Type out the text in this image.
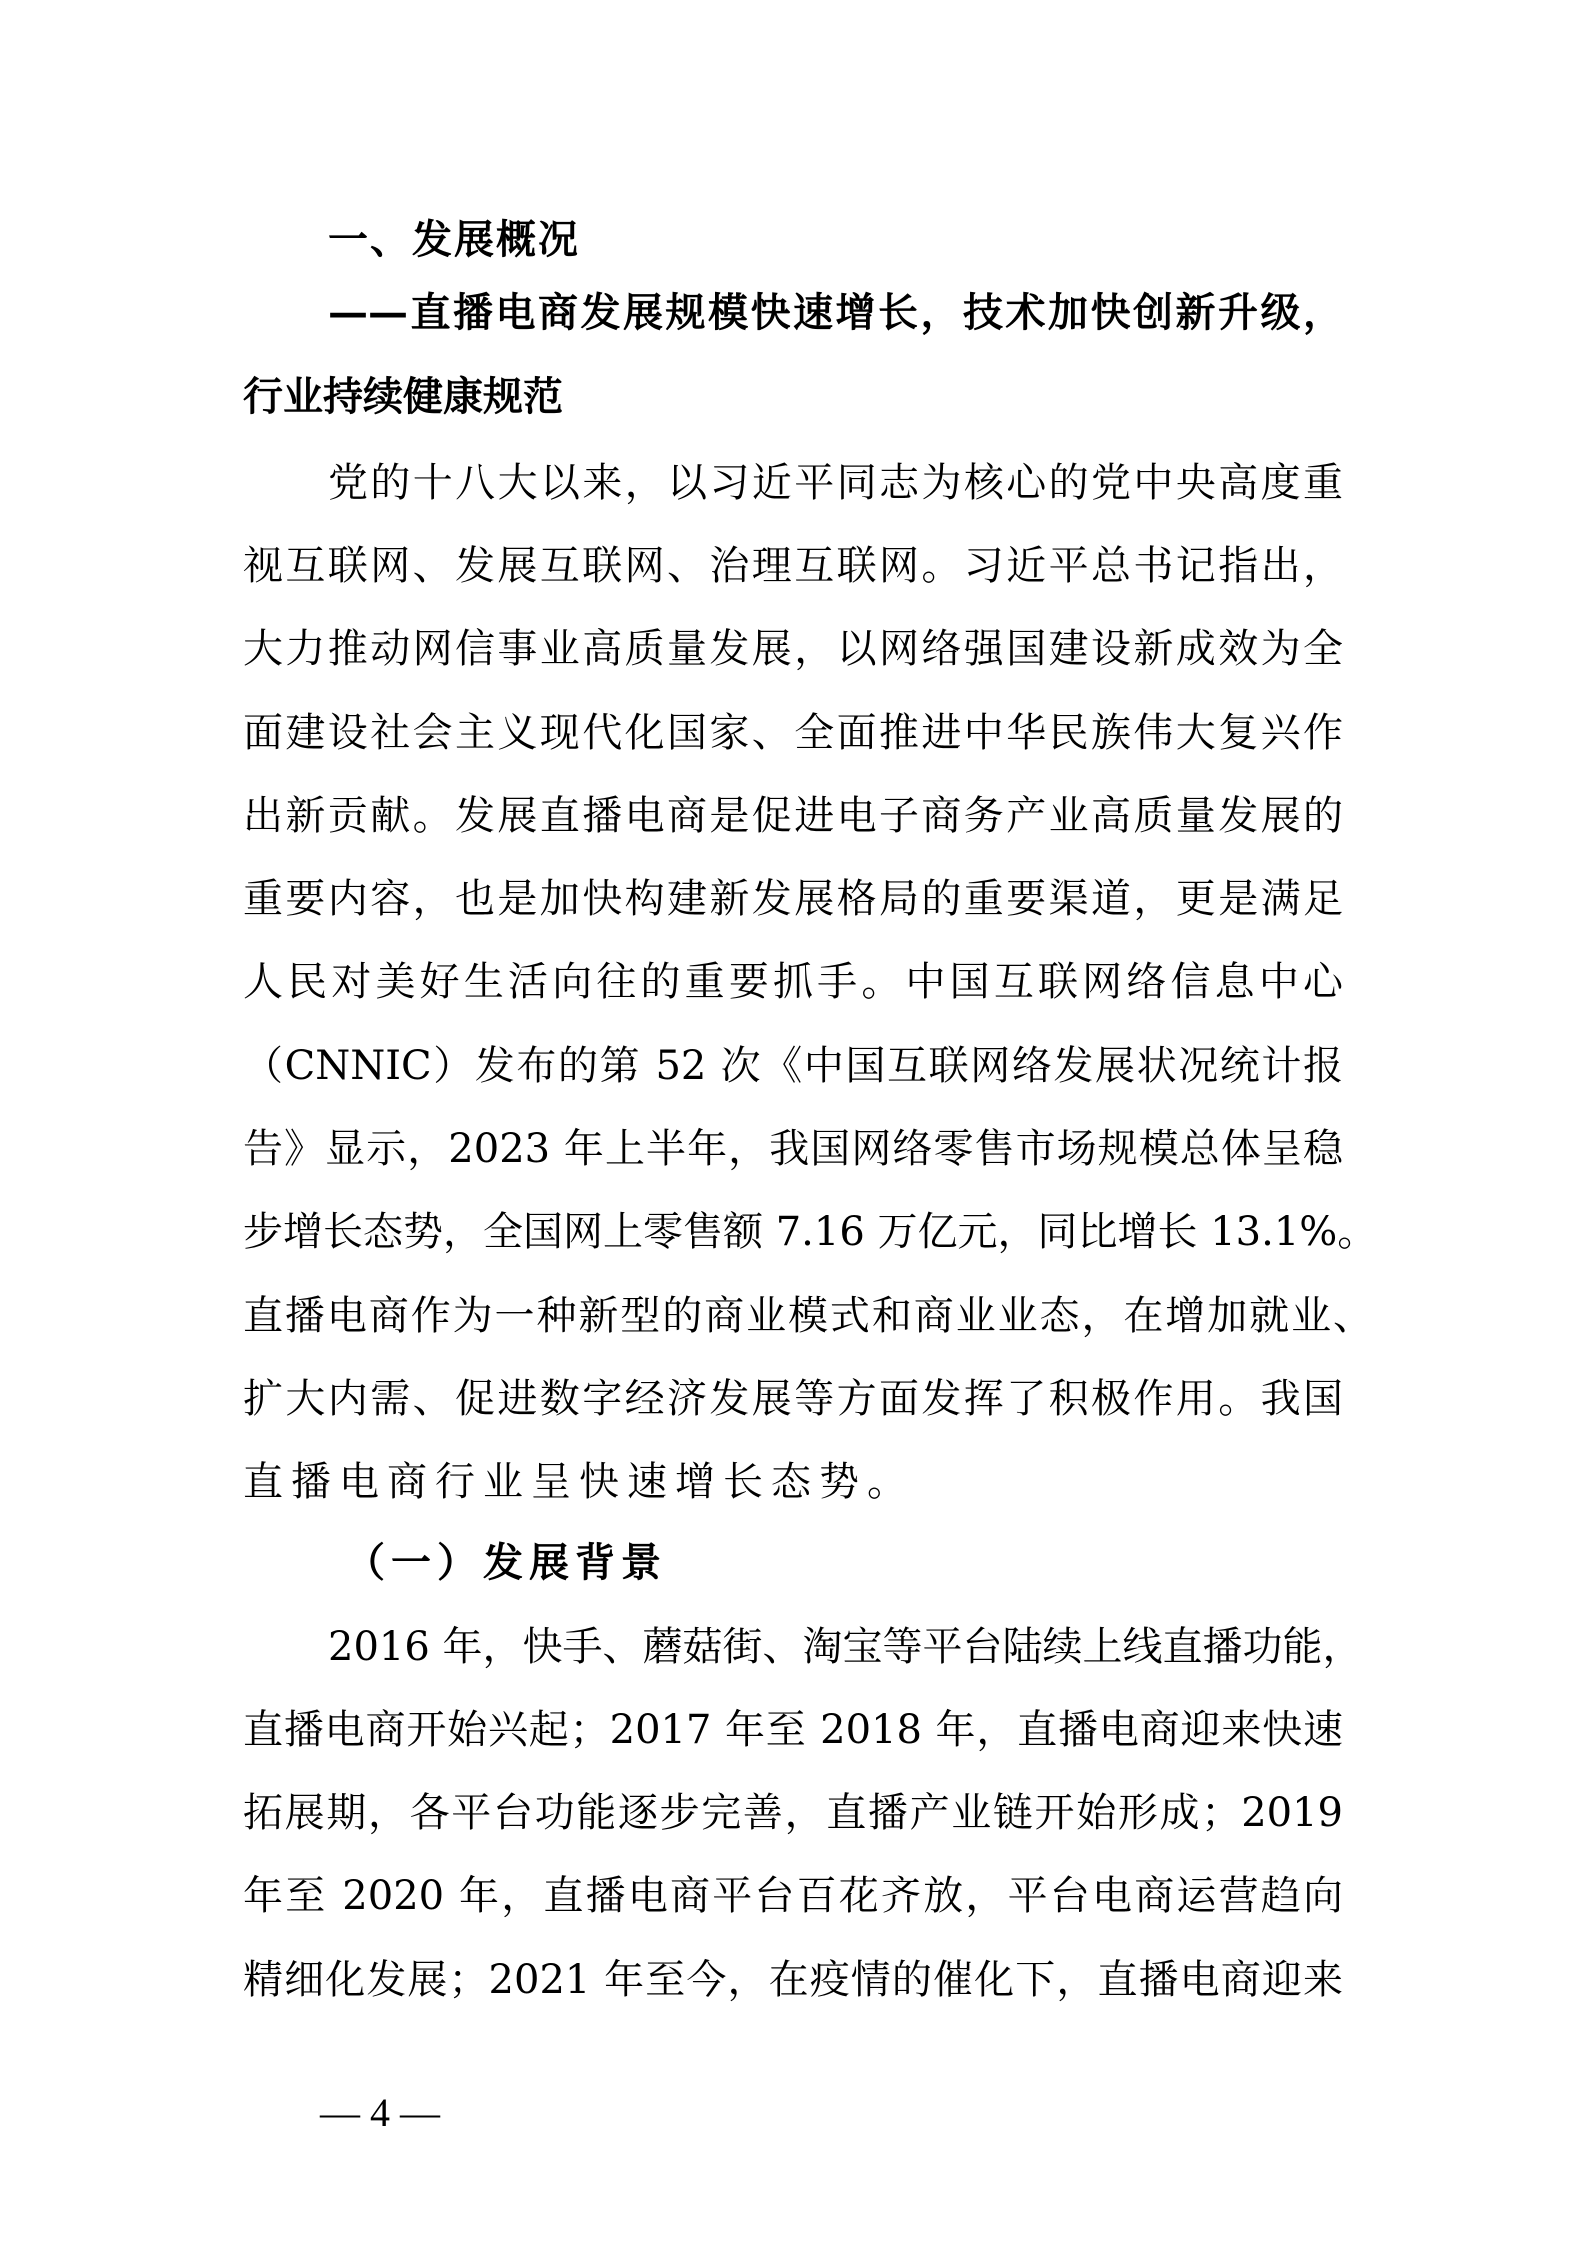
一、发展概况
——直播电商发展规模快速增长，技术加快创新升级，
行业持续健康规范
党的十八大以来，以习近平同志为核心的党中央高度重
视互联网、发展互联网、治理互联网。习近平总书记指出，
大力推动网信事业高质量发展，以网络强国建设新成效为全
面建设社会主义现代化国家、全面推进中华民族伟大复兴作
出新贡献。发展直播电商是促进电子商务产业高质量发展的
重要内容，也是加快构建新发展格局的重要渠道，更是满足
人民对美好生活向往的重要抓手。中国互联网络信息中心
（CNNIC）发布的第 52 次《中国互联网络发展状况统计报
告》显示，2023 年上半年，我国网络零售市场规模总体呈稳
步增长态势，全国网上零售额 7.16 万亿元，同比增长 13.1%。
直播电商作为一种新型的商业模式和商业业态，在增加就业、
扩大内需、促进数字经济发展等方面发挥了积极作用。我国
直播电商行业呈快速增长态势。
（一）发展背景
2016 年，快手、蘑菇街、淘宝等平台陆续上线直播功能，
直播电商开始兴起；2017 年至 2018 年，直播电商迎来快速
拓展期，各平台功能逐步完善，直播产业链开始形成；2019
年至 2020 年，直播电商平台百花齐放，平台电商运营趋向
精细化发展；2021 年至今，在疫情的催化下，直播电商迎来
— 4 —
